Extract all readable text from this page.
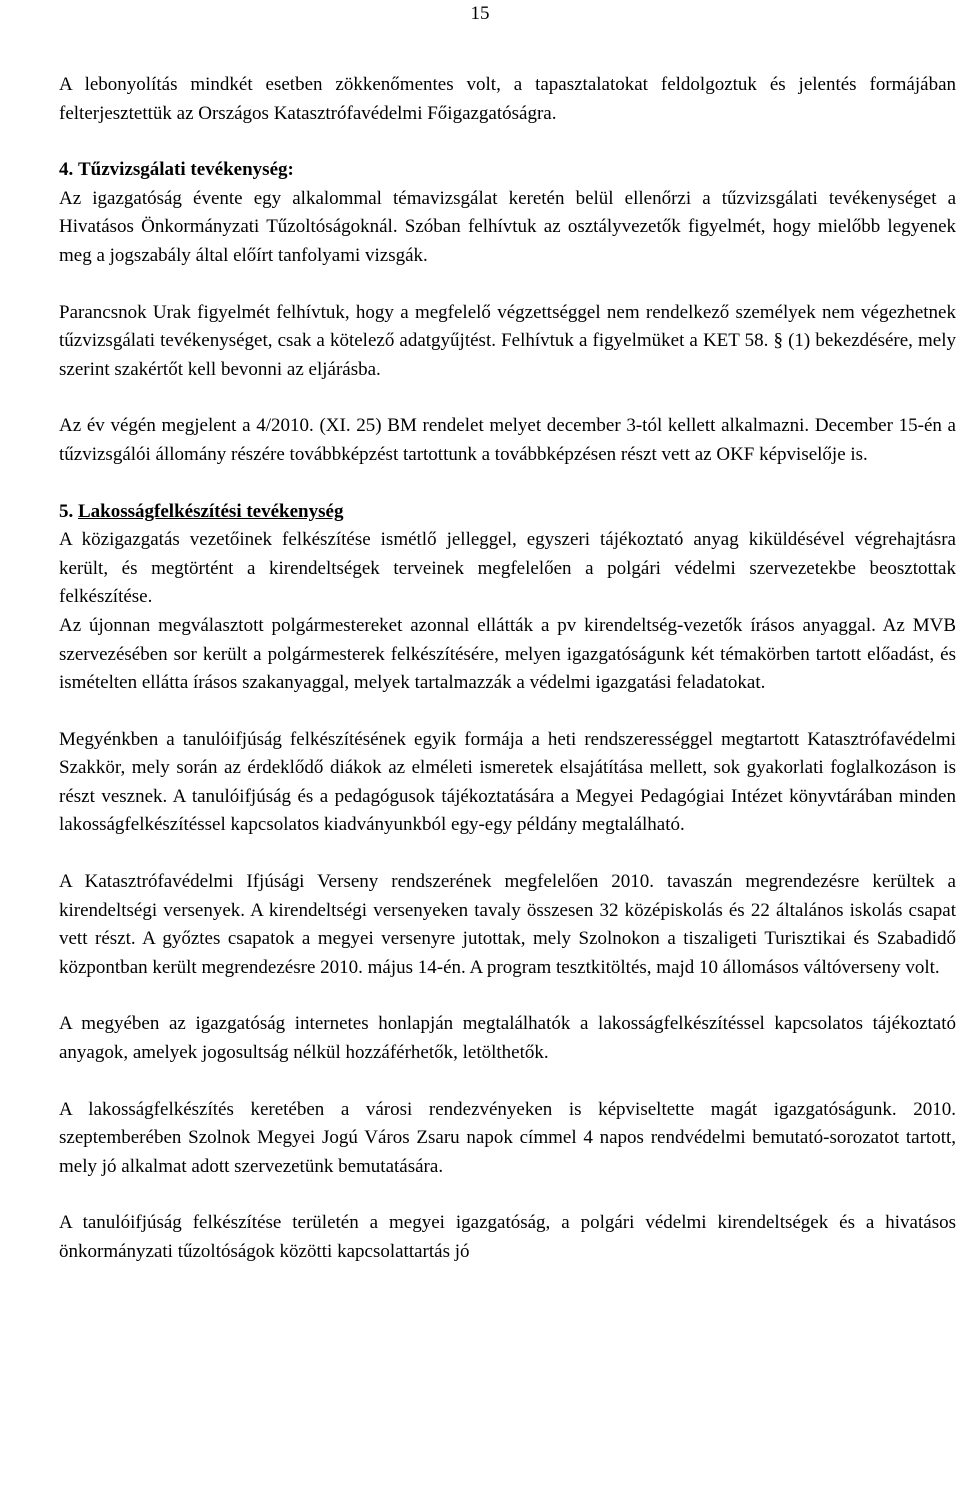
15

A lebonyolítás mindkét esetben zökkenőmentes volt, a tapasztalatokat feldolgoztuk és jelentés formájában felterjesztettük az Országos Katasztrófavédelmi Főigazgatóságra.

4. Tűzvizsgálati tevékenység:

Az igazgatóság évente egy alkalommal témavizsgálat keretén belül ellenőrzi a tűzvizsgálati tevékenységet a Hivatásos Önkormányzati Tűzoltóságoknál. Szóban felhívtuk az osztályvezetők figyelmét, hogy mielőbb legyenek meg a jogszabály által előírt tanfolyami vizsgák.

Parancsnok Urak figyelmét felhívtuk, hogy a megfelelő végzettséggel nem rendelkező személyek nem végezhetnek tűzvizsgálati tevékenységet, csak a kötelező adatgyűjtést. Felhívtuk a figyelmüket a KET 58. § (1) bekezdésére, mely szerint szakértőt kell bevonni az eljárásba.

Az év végén megjelent a 4/2010. (XI. 25) BM rendelet melyet december 3-tól kellett alkalmazni. December 15-én a tűzvizsgálói állomány részére továbbképzést tartottunk a továbbképzésen részt vett az OKF képviselője is.

5. Lakosságfelkészítési tevékenység

A közigazgatás vezetőinek felkészítése ismétlő jelleggel, egyszeri tájékoztató anyag kiküldésével végrehajtásra került, és megtörtént a kirendeltségek terveinek megfelelően a polgári védelmi szervezetekbe beosztottak felkészítése.

Az újonnan megválasztott polgármestereket azonnal ellátták a pv kirendeltség-vezetők írásos anyaggal. Az MVB szervezésében sor került a polgármesterek felkészítésére, melyen igazgatóságunk két témakörben tartott előadást, és ismételten ellátta írásos szakanyaggal, melyek tartalmazzák a védelmi igazgatási feladatokat.

Megyénkben a tanulóifjúság felkészítésének egyik formája a heti rendszerességgel megtartott Katasztrófavédelmi Szakkör, mely során az érdeklődő diákok az elméleti ismeretek elsajátítása mellett, sok gyakorlati foglalkozáson is részt vesznek. A tanulóifjúság és a pedagógusok tájékoztatására a Megyei Pedagógiai Intézet könyvtárában minden lakosságfelkészítéssel kapcsolatos kiadványunkból egy-egy példány megtalálható.

A Katasztrófavédelmi Ifjúsági Verseny rendszerének megfelelően 2010. tavaszán megrendezésre kerültek a kirendeltségi versenyek. A kirendeltségi versenyeken tavaly összesen 32 középiskolás és 22 általános iskolás csapat vett részt. A győztes csapatok a megyei versenyre jutottak, mely Szolnokon a tiszaligeti Turisztikai és Szabadidő központban került megrendezésre 2010. május 14-én. A program tesztkitöltés, majd 10 állomásos váltóverseny volt.

A megyében az igazgatóság internetes honlapján megtalálhatók a lakosságfelkészítéssel kapcsolatos tájékoztató anyagok, amelyek jogosultság nélkül hozzáférhetők, letölthetők.

A lakosságfelkészítés keretében a városi rendezvényeken is képviseltette magát igazgatóságunk. 2010. szeptemberében Szolnok Megyei Jogú Város Zsaru napok címmel 4 napos rendvédelmi bemutató-sorozatot tartott, mely jó alkalmat adott szervezetünk bemutatására.

A tanulóifjúság felkészítése területén a megyei igazgatóság, a polgári védelmi kirendeltségek és a hivatásos önkormányzati tűzoltóságok közötti kapcsolattartás jó
